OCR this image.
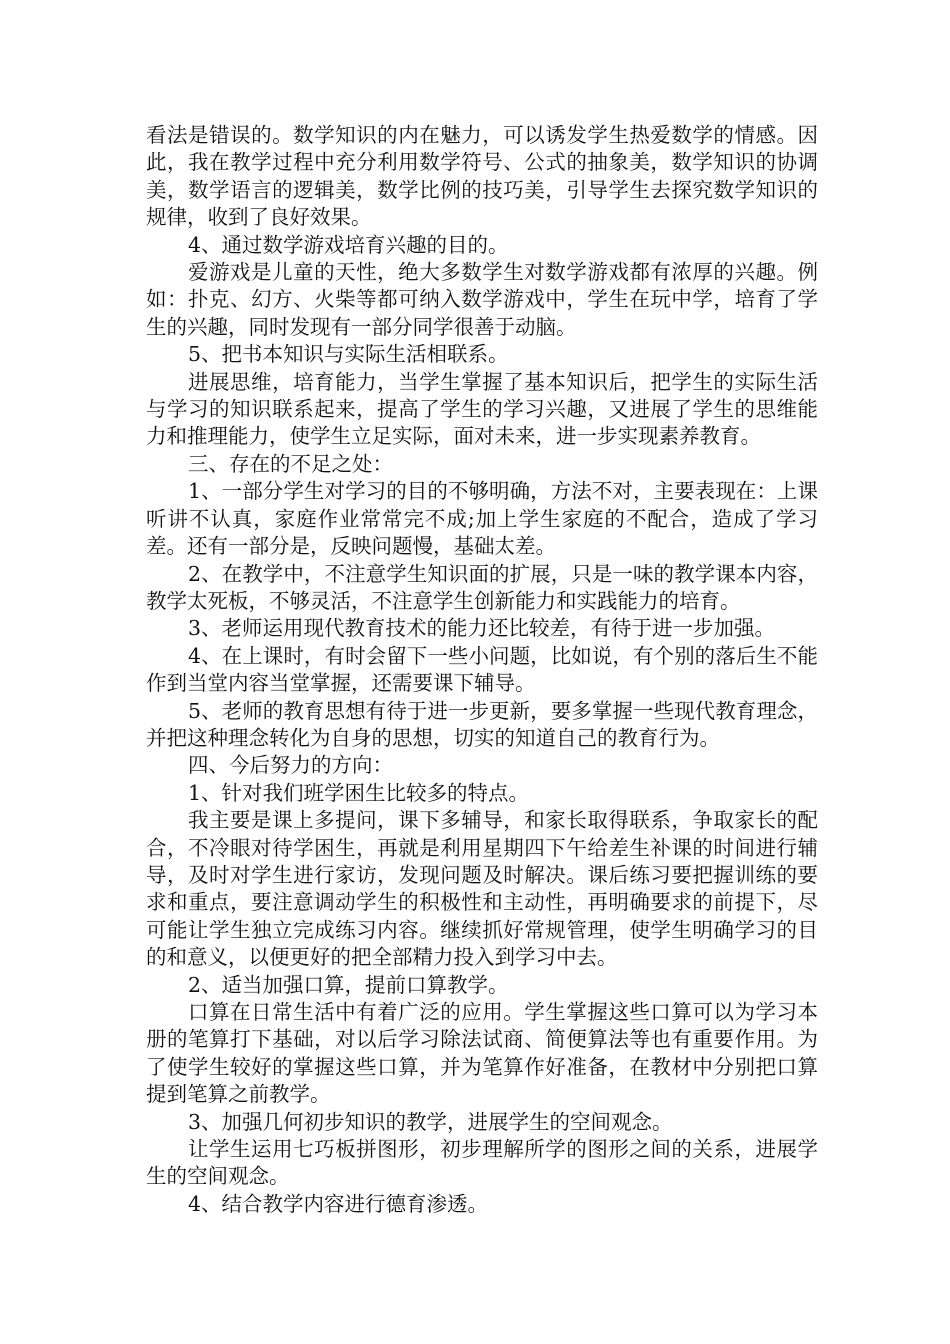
看法是错误的。数学知识的内在魅力，可以诱发学生热爱数学的情感。因此，我在教学过程中充分利用数学符号、公式的抽象美，数学知识的协调美，数学语言的逻辑美，数学比例的技巧美，引导学生去探究数学知识的规律，收到了良好效果。

4、通过数学游戏培育兴趣的目的。

爱游戏是儿童的天性，绝大多数学生对数学游戏都有浓厚的兴趣。例如：扑克、幻方、火柴等都可纳入数学游戏中，学生在玩中学，培育了学生的兴趣，同时发现有一部分同学很善于动脑。

5、把书本知识与实际生活相联系。

进展思维，培育能力，当学生掌握了基本知识后，把学生的实际生活与学习的知识联系起来，提高了学生的学习兴趣，又进展了学生的思维能力和推理能力，使学生立足实际，面对未来，进一步实现素养教育。

三、存在的不足之处：

1、一部分学生对学习的目的不够明确，方法不对，主要表现在：上课听讲不认真，家庭作业常常完不成;加上学生家庭的不配合，造成了学习差。还有一部分是，反映问题慢，基础太差。

2、在教学中，不注意学生知识面的扩展，只是一味的教学课本内容，教学太死板，不够灵活，不注意学生创新能力和实践能力的培育。

3、老师运用现代教育技术的能力还比较差，有待于进一步加强。

4、在上课时，有时会留下一些小问题，比如说，有个别的落后生不能作到当堂内容当堂掌握，还需要课下辅导。

5、老师的教育思想有待于进一步更新，要多掌握一些现代教育理念，并把这种理念转化为自身的思想，切实的知道自己的教育行为。

四、今后努力的方向：

1、针对我们班学困生比较多的特点。

我主要是课上多提问，课下多辅导，和家长取得联系，争取家长的配合，不冷眼对待学困生，再就是利用星期四下午给差生补课的时间进行辅导，及时对学生进行家访，发现问题及时解决。课后练习要把握训练的要求和重点，要注意调动学生的积极性和主动性，再明确要求的前提下，尽可能让学生独立完成练习内容。继续抓好常规管理，使学生明确学习的目的和意义，以便更好的把全部精力投入到学习中去。

2、适当加强口算，提前口算教学。

口算在日常生活中有着广泛的应用。学生掌握这些口算可以为学习本册的笔算打下基础，对以后学习除法试商、简便算法等也有重要作用。为了使学生较好的掌握这些口算，并为笔算作好准备，在教材中分别把口算提到笔算之前教学。

3、加强几何初步知识的教学，进展学生的空间观念。

让学生运用七巧板拼图形，初步理解所学的图形之间的关系，进展学生的空间观念。

4、结合教学内容进行德育渗透。
